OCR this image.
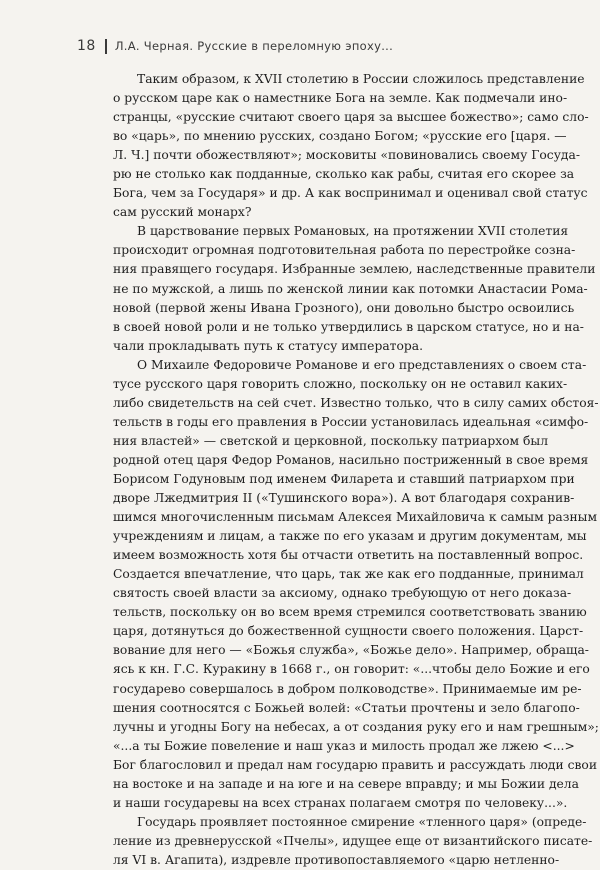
18 Л.А. Черная. Русские в переломную эпоху...

Таким образом, к XVII столетию в России сложилось представление
о русском царе как о наместнике Бога на земле. Как подмечали ино-
странцы, «русские считают своего царя за высшее божество»; само сло-
во «царь», по мнению русских, создано Богом; «русские его [царя. —
Л. Ч.] почти обожествляют»; московиты «повиновались своему Госуда-
рю не столько как подданные, сколько как рабы, считая его скорее за
Бога, чем за Государя» и др. А как воспринимал и оценивал свой статус
сам русский монарх?

В царствование первых Романовых, на протяжении XVII столетия
происходит огромная подготовительная работа по перестройке созна-
ния правящего государя. Избранные землею, наследственные правители
не по мужской, а лишь по женской линии как потомки Анастасии Рома-
новой (первой жены Ивана Грозного), они довольно быстро освоились
в своей новой роли и не только утвердились в царском статусе, но и на-
чали прокладывать путь к статусу императора.

О Михаиле Федоровиче Романове и его представлениях о своем ста-
тусе русского царя говорить сложно, поскольку он не оставил каких-
либо свидетельств на сей счет. Известно только, что в силу самих обстоя-
тельств в годы его правления в России установилась идеальная «симфо-
ния властей» — светской и церковной, поскольку патриархом был
родной отец царя Федор Романов, насильно постриженный в свое время
Борисом Годуновым под именем Филарета и ставший патриархом при
дворе Лжедмитрия II («Тушинского вора»). А вот благодаря сохранив-
шимся многочисленным письмам Алексея Михайловича к самым разным
учреждениям и лицам, а также по его указам и другим документам, мы
имеем возможность хотя бы отчасти ответить на поставленный вопрос.
Создается впечатление, что царь, так же как его подданные, принимал
святость своей власти за аксиому, однако требующую от него доказа-
тельств, поскольку он во всем время стремился соответствовать званию
царя, дотянуться до божественной сущности своего положения. Царст-
вование для него — «Божья служба», «Божье дело». Например, обраща-
ясь к кн. Г.С. Куракину в 1668 г., он говорит: «...чтобы дело Божие и его
государево совершалось в добром полководстве». Принимаемые им ре-
шения соотносятся с Божьей волей: «Статьи прочтены и зело благопо-
лучны и угодны Богу на небесах, а от создания руку его и нам грешным»;
«...а ты Божие повеление и наш указ и милость продал же лжею <...>
Бог благословил и предал нам государю править и рассуждать люди свои
на востоке и на западе и на юге и на севере вправду; и мы Божии дела
и наши государевы на всех странах полагаем смотря по человеку...».

Государь проявляет постоянное смирение «тленного царя» (опреде-
ление из древнерусской «Пчелы», идущее еще от византийского писате-
ля VI в. Агапита), издревле противопоставляемого «царю нетленно-
